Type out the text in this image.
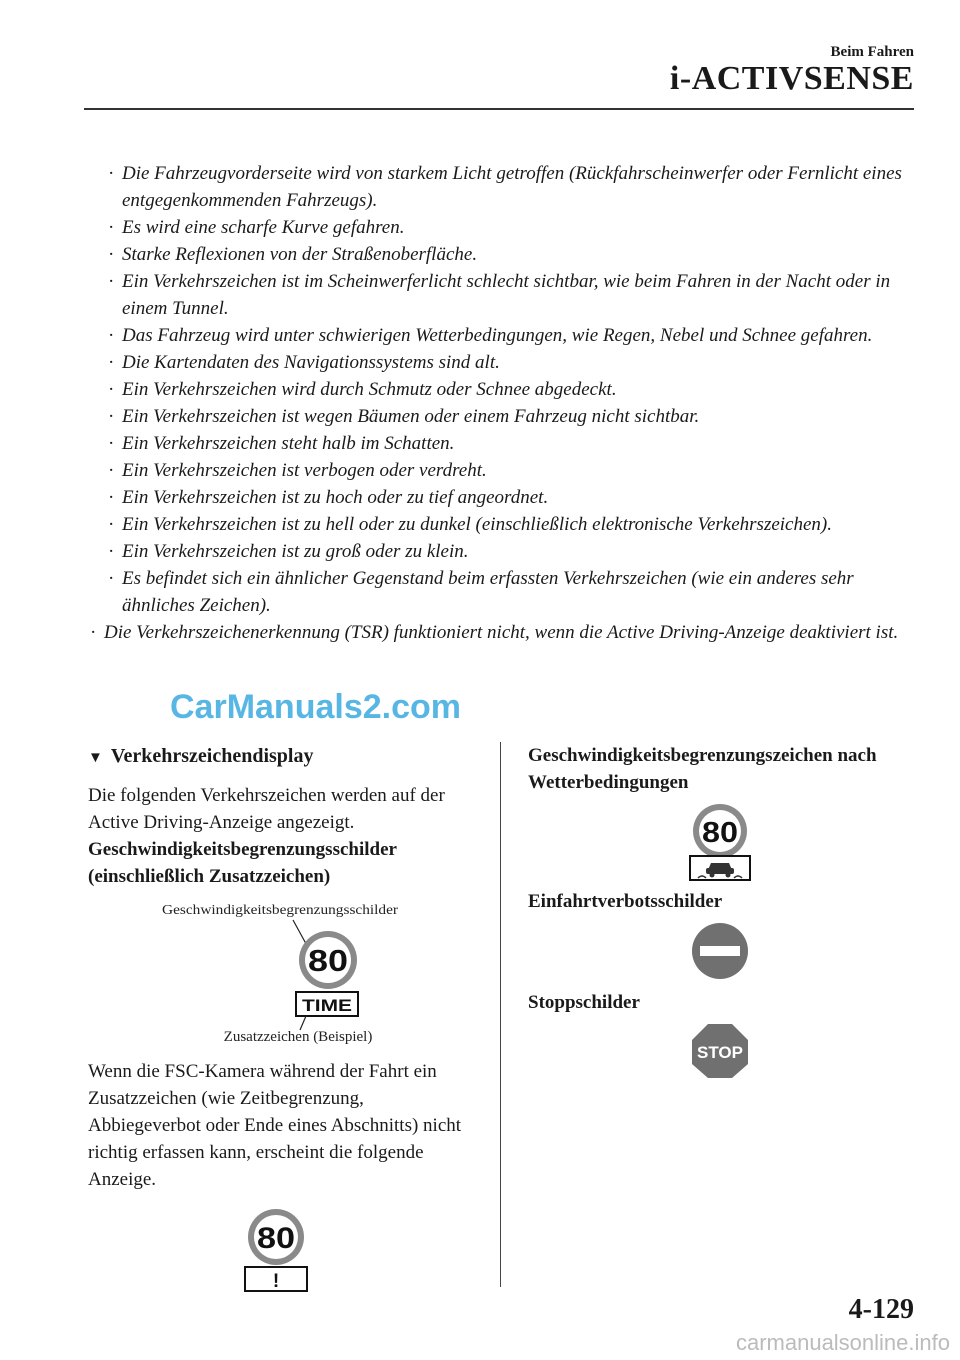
Beim Fahren
i-ACTIVSENSE
· Die Fahrzeugvorderseite wird von starkem Licht getroffen (Rückfahrscheinwerfer oder Fernlicht eines entgegenkommenden Fahrzeugs).
· Es wird eine scharfe Kurve gefahren.
· Starke Reflexionen von der Straßenoberfläche.
· Ein Verkehrszeichen ist im Scheinwerferlicht schlecht sichtbar, wie beim Fahren in der Nacht oder in einem Tunnel.
· Das Fahrzeug wird unter schwierigen Wetterbedingungen, wie Regen, Nebel und Schnee gefahren.
· Die Kartendaten des Navigationssystems sind alt.
· Ein Verkehrszeichen wird durch Schmutz oder Schnee abgedeckt.
· Ein Verkehrszeichen ist wegen Bäumen oder einem Fahrzeug nicht sichtbar.
· Ein Verkehrszeichen steht halb im Schatten.
· Ein Verkehrszeichen ist verbogen oder verdreht.
· Ein Verkehrszeichen ist zu hoch oder zu tief angeordnet.
· Ein Verkehrszeichen ist zu hell oder zu dunkel (einschließlich elektronische Verkehrszeichen).
· Ein Verkehrszeichen ist zu groß oder zu klein.
· Es befindet sich ein ähnlicher Gegenstand beim erfassten Verkehrszeichen (wie ein anderes sehr ähnliches Zeichen).
· Die Verkehrszeichenerkennung (TSR) funktioniert nicht, wenn die Active Driving-Anzeige deaktiviert ist.
CarManuals2.com
▼ Verkehrszeichendisplay
Die folgenden Verkehrszeichen werden auf der Active Driving-Anzeige angezeigt.
Geschwindigkeitsbegrenzungsschilder (einschließlich Zusatzzeichen)
Geschwindigkeitsbegrenzungsschilder
80
TIME
Zusatzzeichen (Beispiel)
Wenn die FSC-Kamera während der Fahrt ein Zusatzzeichen (wie Zeitbegrenzung, Abbiegeverbot oder Ende eines Abschnitts) nicht richtig erfassen kann, erscheint die folgende Anzeige.
80
!
Geschwindigkeitsbegrenzungszeichen nach Wetterbedingungen
80
Einfahrtverbotsschilder
Stoppschilder
STOP
4-129
carmanualsonline.info
